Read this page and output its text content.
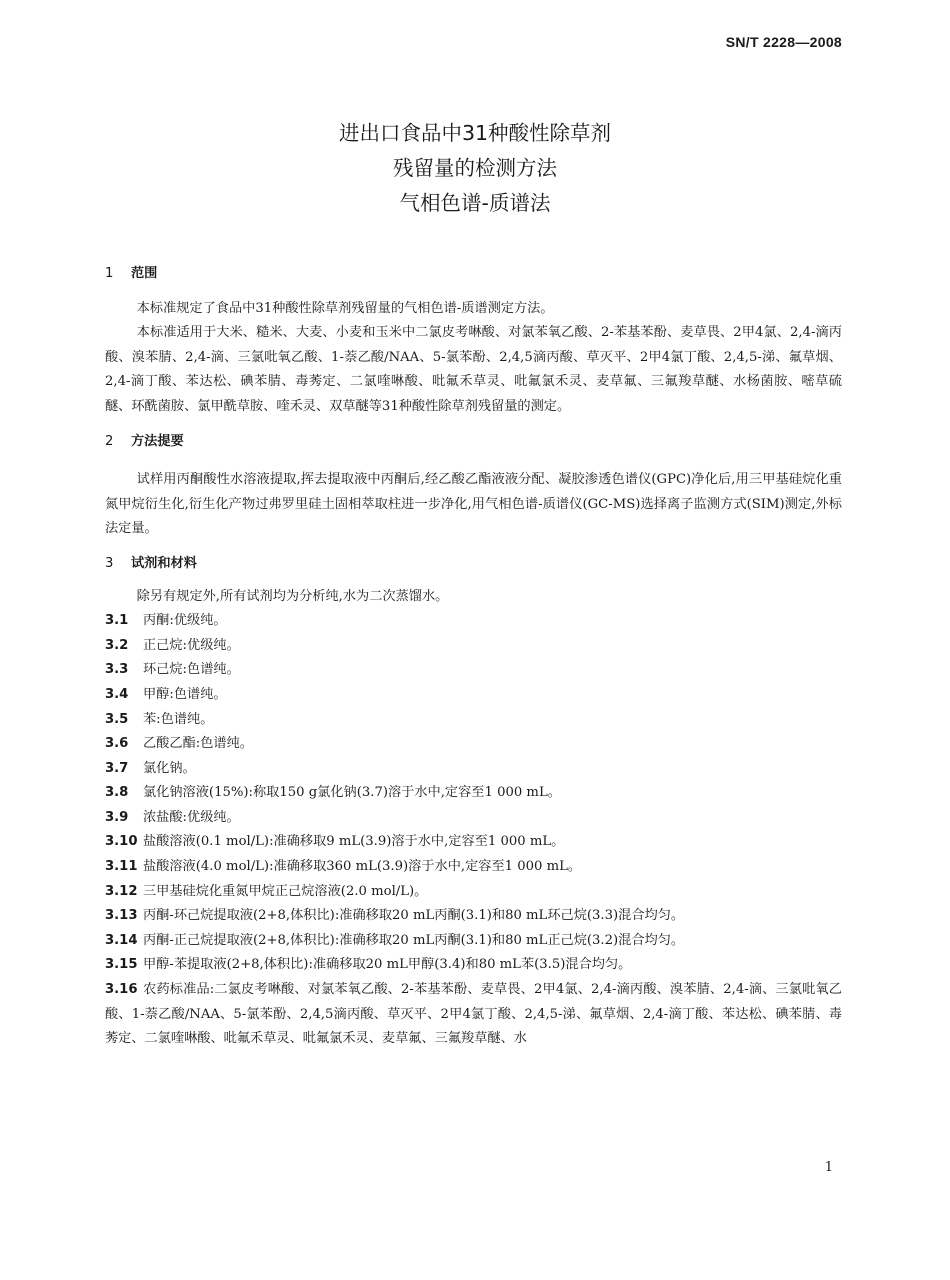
SN/T 2228—2008
进出口食品中31种酸性除草剂
残留量的检测方法
气相色谱-质谱法

1 范围

本标准规定了食品中31种酸性除草剂残留量的气相色谱-质谱测定方法。

本标准适用于大米、糙米、大麦、小麦和玉米中二氯皮考啉酸、对氯苯氧乙酸、2-苯基苯酚、麦草畏、2甲4氯、2,4-滴丙酸、溴苯腈、2,4-滴、三氯吡氧乙酸、1-萘乙酸/NAA、5-氯苯酚、2,4,5滴丙酸、草灭平、2甲4氯丁酸、2,4,5-涕、氟草烟、2,4-滴丁酸、苯达松、碘苯腈、毒莠定、二氯喹啉酸、吡氟禾草灵、吡氟氯禾灵、麦草氟、三氟羧草醚、水杨菌胺、嘧草硫醚、环酰菌胺、氯甲酰草胺、喹禾灵、双草醚等31种酸性除草剂残留量的测定。

2 方法提要

试样用丙酮酸性水溶液提取,挥去提取液中丙酮后,经乙酸乙酯液液分配、凝胶渗透色谱仪(GPC)净化后,用三甲基硅烷化重氮甲烷衍生化,衍生化产物过弗罗里硅土固相萃取柱进一步净化,用气相色谱-质谱仪(GC-MS)选择离子监测方式(SIM)测定,外标法定量。

3 试剂和材料

除另有规定外,所有试剂均为分析纯,水为二次蒸馏水。

3.1 丙酮:优级纯。

3.2 正己烷:优级纯。

3.3 环己烷:色谱纯。

3.4 甲醇:色谱纯。

3.5 苯:色谱纯。

3.6 乙酸乙酯:色谱纯。

3.7 氯化钠。

3.8 氯化钠溶液(15%):称取150 g氯化钠(3.7)溶于水中,定容至1 000 mL。

3.9 浓盐酸:优级纯。

3.10 盐酸溶液(0.1 mol/L):准确移取9 mL(3.9)溶于水中,定容至1 000 mL。

3.11 盐酸溶液(4.0 mol/L):准确移取360 mL(3.9)溶于水中,定容至1 000 mL。

3.12 三甲基硅烷化重氮甲烷正己烷溶液(2.0 mol/L)。

3.13 丙酮-环己烷提取液(2+8,体积比):准确移取20 mL丙酮(3.1)和80 mL环己烷(3.3)混合均匀。

3.14 丙酮-正己烷提取液(2+8,体积比):准确移取20 mL丙酮(3.1)和80 mL正己烷(3.2)混合均匀。

3.15 甲醇-苯提取液(2+8,体积比):准确移取20 mL甲醇(3.4)和80 mL苯(3.5)混合均匀。

3.16 农药标准品:二氯皮考啉酸、对氯苯氧乙酸、2-苯基苯酚、麦草畏、2甲4氯、2,4-滴丙酸、溴苯腈、2,4-滴、三氯吡氧乙酸、1-萘乙酸/NAA、5-氯苯酚、2,4,5滴丙酸、草灭平、2甲4氯丁酸、2,4,5-涕、氟草烟、2,4-滴丁酸、苯达松、碘苯腈、毒莠定、二氯喹啉酸、吡氟禾草灵、吡氟氯禾灵、麦草氟、三氟羧草醚、水

1
